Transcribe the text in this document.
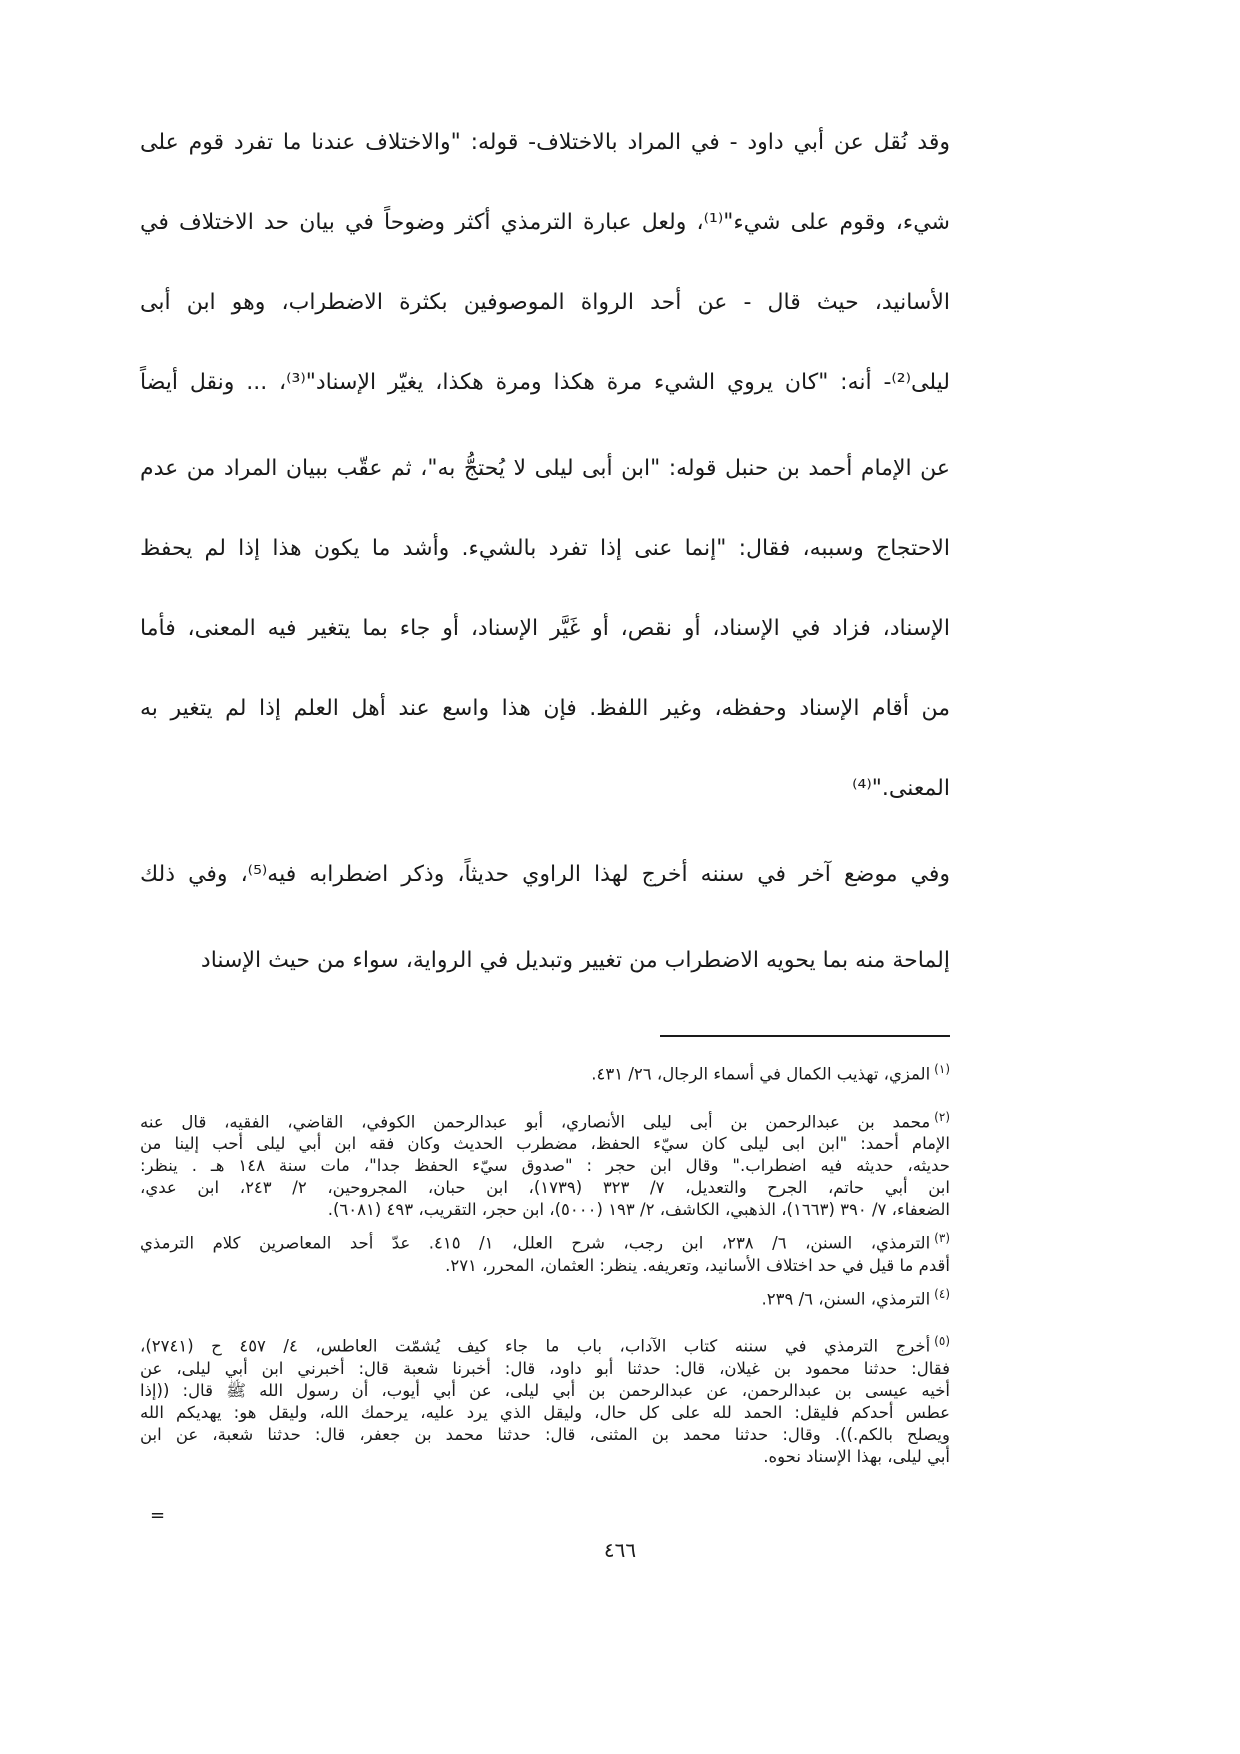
وقد نُقل عن أبي داود - في المراد بالاختلاف- قوله: "والاختلاف عندنا ما تفرد قوم على
شيء، وقوم على شيء"⁽¹⁾، ولعل عبارة الترمذي أكثر وضوحاً في بيان حد الاختلاف في
الأسانيد، حيث قال - عن أحد الرواة الموصوفين بكثرة الاضطراب، وهو ابن أبى
ليلى⁽²⁾- أنه: "كان يروي الشيء مرة هكذا ومرة هكذا، يغيّر الإسناد"⁽³⁾، ... ونقل أيضاً
عن الإمام أحمد بن حنبل قوله: "ابن أبى ليلى لا يُحتجُّ به"، ثم عقّب ببيان المراد من عدم
الاحتجاج وسببه، فقال: "إنما عنى إذا تفرد بالشيء. وأشد ما يكون هذا إذا لم يحفظ
الإسناد، فزاد في الإسناد، أو نقص، أو غَيَّر الإسناد، أو جاء بما يتغير فيه المعنى، فأما
من أقام الإسناد وحفظه، وغير اللفظ. فإن هذا واسع عند أهل العلم إذا لم يتغير به
المعنى."⁽⁴⁾
وفي موضع آخر في سننه أخرج لهذا الراوي حديثاً، وذكر اضطرابه فيه⁽⁵⁾، وفي ذلك
إلماحة منه بما يحويه الاضطراب من تغيير وتبديل في الرواية، سواء من حيث الإسناد
$^{(١)}$المزي، تهذيب الكمال في أسماء الرجال، ٢٦/ ٤٣١.
$^{(٢)}$محمد بن عبدالرحمن بن أبى ليلى الأنصاري، أبو عبدالرحمن الكوفي، القاضي، الفقيه، قال عنه
الإمام أحمد: "ابن ابى ليلى كان سيّء الحفظ، مضطرب الحديث وكان فقه ابن أبي ليلى أحب إلينا من
حديثه، حديثه فيه اضطراب." وقال ابن حجر : "صدوق سيّء الحفظ جدا"، مات سنة ١٤٨ هـ . ينظر:
ابن أبي حاتم، الجرح والتعديل، ٧/ ٣٢٣ (١٧٣٩)، ابن حبان، المجروحين، ٢/ ٢٤٣، ابن عدي،
الضعفاء، ٧/ ٣٩٠ (١٦٦٣)، الذهبي، الكاشف، ٢/ ١٩٣ (٥٠٠٠)، ابن حجر، التقريب، ٤٩٣ (٦٠٨١).
$^{(٣)}$الترمذي، السنن، ٦/ ٢٣٨، ابن رجب، شرح العلل، ١/ ٤١٥. عدّ أحد المعاصرين كلام الترمذي
أقدم ما قيل في حد اختلاف الأسانيد، وتعريفه. ينظر: العثمان، المحرر، ٢٧١.
$^{(٤)}$الترمذي، السنن، ٦/ ٢٣٩.
$^{(٥)}$أخرج الترمذي في سننه كتاب الآداب، باب ما جاء كيف يُشمّت العاطس، ٤/ ٤٥٧ ح (٢٧٤١)،
فقال: حدثنا محمود بن غيلان، قال: حدثنا أبو داود، قال: أخبرنا شعبة قال: أخبرني ابن أبي ليلى، عن
أخيه عيسى بن عبدالرحمن، عن عبدالرحمن بن أبي ليلى، عن أبي أيوب، أن رسول الله ﷺ قال: ((إذا
عطس أحدكم فليقل: الحمد لله على كل حال، وليقل الذي يرد عليه، يرحمك الله، وليقل هو: يهديكم الله
ويصلح بالكم.)). وقال: حدثنا محمد بن المثنى، قال: حدثنا محمد بن جعفر، قال: حدثنا شعبة، عن ابن
أبي ليلى، بهذا الإسناد نحوه.
=
٤٦٦
